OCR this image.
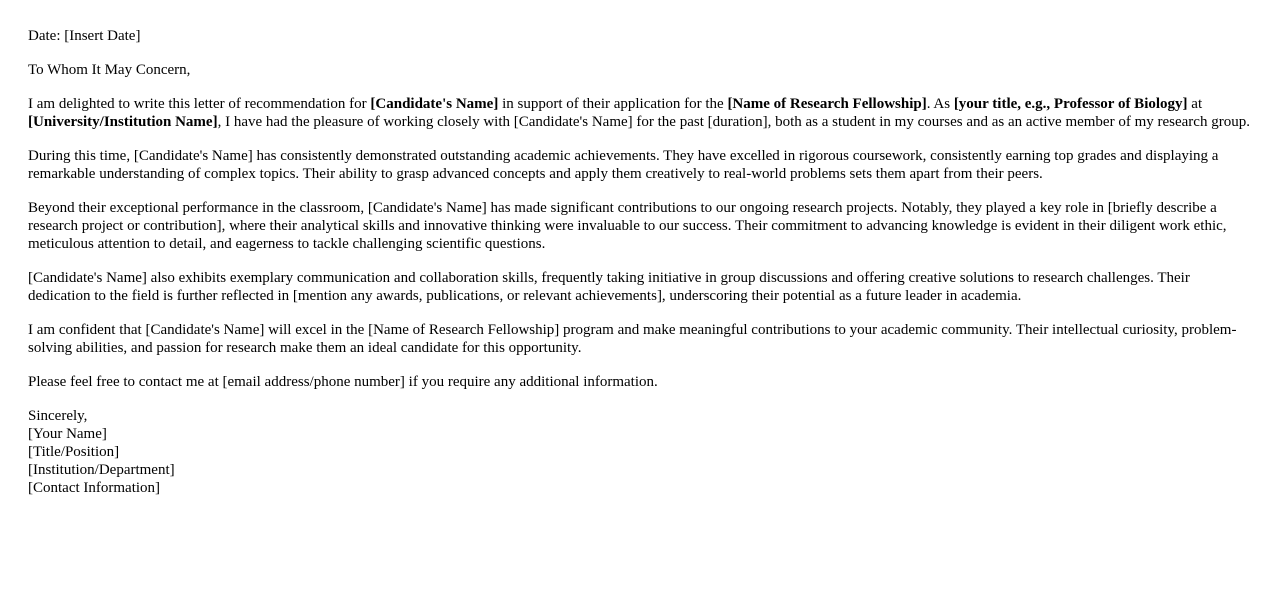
Date: [Insert Date]

To Whom It May Concern,

I am delighted to write this letter of recommendation for [Candidate's Name] in support of their application for the [Name of Research Fellowship]. As [your title, e.g., Professor of Biology] at [University/Institution Name], I have had the pleasure of working closely with [Candidate's Name] for the past [duration], both as a student in my courses and as an active member of my research group.

During this time, [Candidate's Name] has consistently demonstrated outstanding academic achievements. They have excelled in rigorous coursework, consistently earning top grades and displaying a remarkable understanding of complex topics. Their ability to grasp advanced concepts and apply them creatively to real-world problems sets them apart from their peers.

Beyond their exceptional performance in the classroom, [Candidate's Name] has made significant contributions to our ongoing research projects. Notably, they played a key role in [briefly describe a research project or contribution], where their analytical skills and innovative thinking were invaluable to our success. Their commitment to advancing knowledge is evident in their diligent work ethic, meticulous attention to detail, and eagerness to tackle challenging scientific questions.

[Candidate's Name] also exhibits exemplary communication and collaboration skills, frequently taking initiative in group discussions and offering creative solutions to research challenges. Their dedication to the field is further reflected in [mention any awards, publications, or relevant achievements], underscoring their potential as a future leader in academia.

I am confident that [Candidate's Name] will excel in the [Name of Research Fellowship] program and make meaningful contributions to your academic community. Their intellectual curiosity, problem-solving abilities, and passion for research make them an ideal candidate for this opportunity.

Please feel free to contact me at [email address/phone number] if you require any additional information.

Sincerely,

[Your Name]

[Title/Position]

[Institution/Department]

[Contact Information]
